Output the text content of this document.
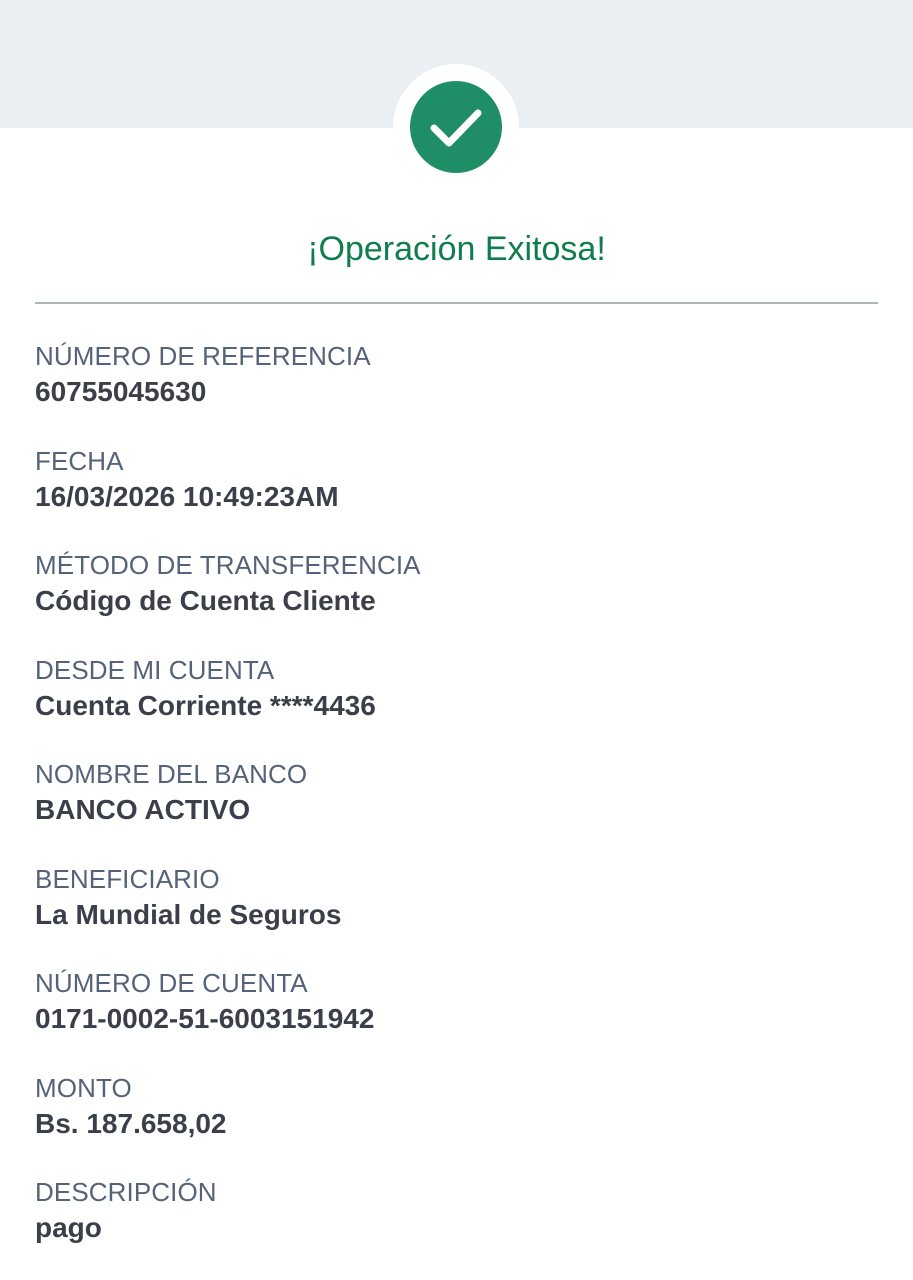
¡Operación Exitosa!
NÚMERO DE REFERENCIA
60755045630
FECHA
16/03/2026 10:49:23AM
MÉTODO DE TRANSFERENCIA
Código de Cuenta Cliente
DESDE MI CUENTA
Cuenta Corriente ****4436
NOMBRE DEL BANCO
BANCO ACTIVO
BENEFICIARIO
La Mundial de Seguros
NÚMERO DE CUENTA
0171-0002-51-6003151942
MONTO
Bs. 187.658,02
DESCRIPCIÓN
pago
